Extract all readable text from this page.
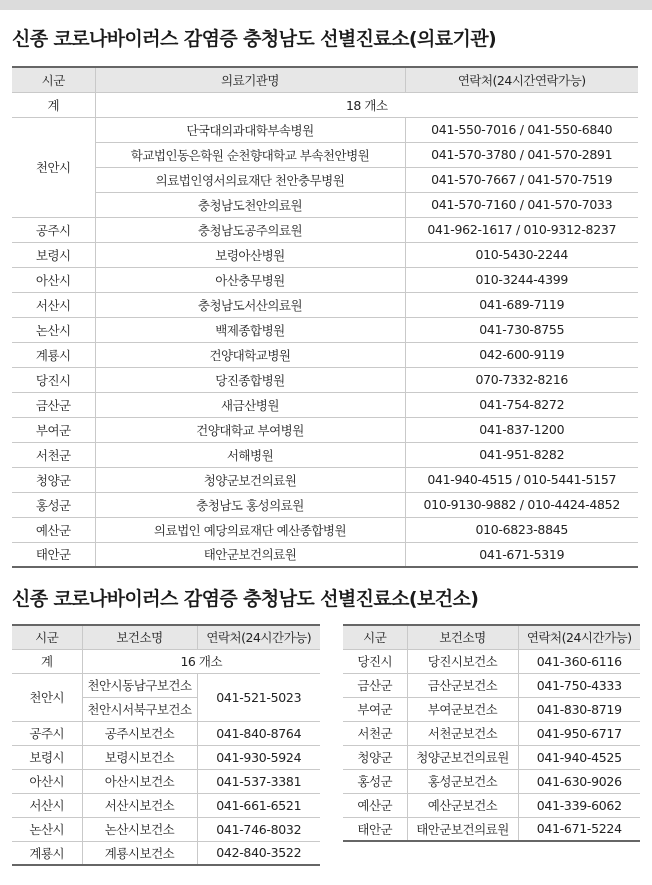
신종 코로나바이러스 감염증 충청남도 선별진료소(의료기관)
시군	의료기관명	연락처(24시간연락가능)
계	18 개소	
천안시	단국대의과대학부속병원	041-550-7016 / 041-550-6840
	학교법인동은학원 순천향대학교 부속천안병원	041-570-3780 / 041-570-2891
	의료법인영서의료재단 천안충무병원	041-570-7667 / 041-570-7519
	충청남도천안의료원	041-570-7160 / 041-570-7033
공주시	충청남도공주의료원	041-962-1617 / 010-9312-8237
보령시	보령아산병원	010-5430-2244
아산시	아산충무병원	010-3244-4399
서산시	충청남도서산의료원	041-689-7119
논산시	백제종합병원	041-730-8755
계룡시	건양대학교병원	042-600-9119
당진시	당진종합병원	070-7332-8216
금산군	새금산병원	041-754-8272
부여군	건양대학교 부여병원	041-837-1200
서천군	서해병원	041-951-8282
청양군	청양군보건의료원	041-940-4515 / 010-5441-5157
홍성군	충청남도 홍성의료원	010-9130-9882 / 010-4424-4852
예산군	의료법인 예당의료재단 예산종합병원	010-6823-8845
태안군	태안군보건의료원	041-671-5319
신종 코로나바이러스 감염증 충청남도 선별진료소(보건소)
시군	보건소명	연락처(24시간가능)
계	16 개소	
천안시	천안시동남구보건소	041-521-5023
	천안시서북구보건소	
공주시	공주시보건소	041-840-8764
보령시	보령시보건소	041-930-5924
아산시	아산시보건소	041-537-3381
서산시	서산시보건소	041-661-6521
논산시	논산시보건소	041-746-8032
계룡시	계룡시보건소	042-840-3522
시군	보건소명	연락처(24시간가능)
당진시	당진시보건소	041-360-6116
금산군	금산군보건소	041-750-4333
부여군	부여군보건소	041-830-8719
서천군	서천군보건소	041-950-6717
청양군	청양군보건의료원	041-940-4525
홍성군	홍성군보건소	041-630-9026
예산군	예산군보건소	041-339-6062
태안군	태안군보건의료원	041-671-5224
